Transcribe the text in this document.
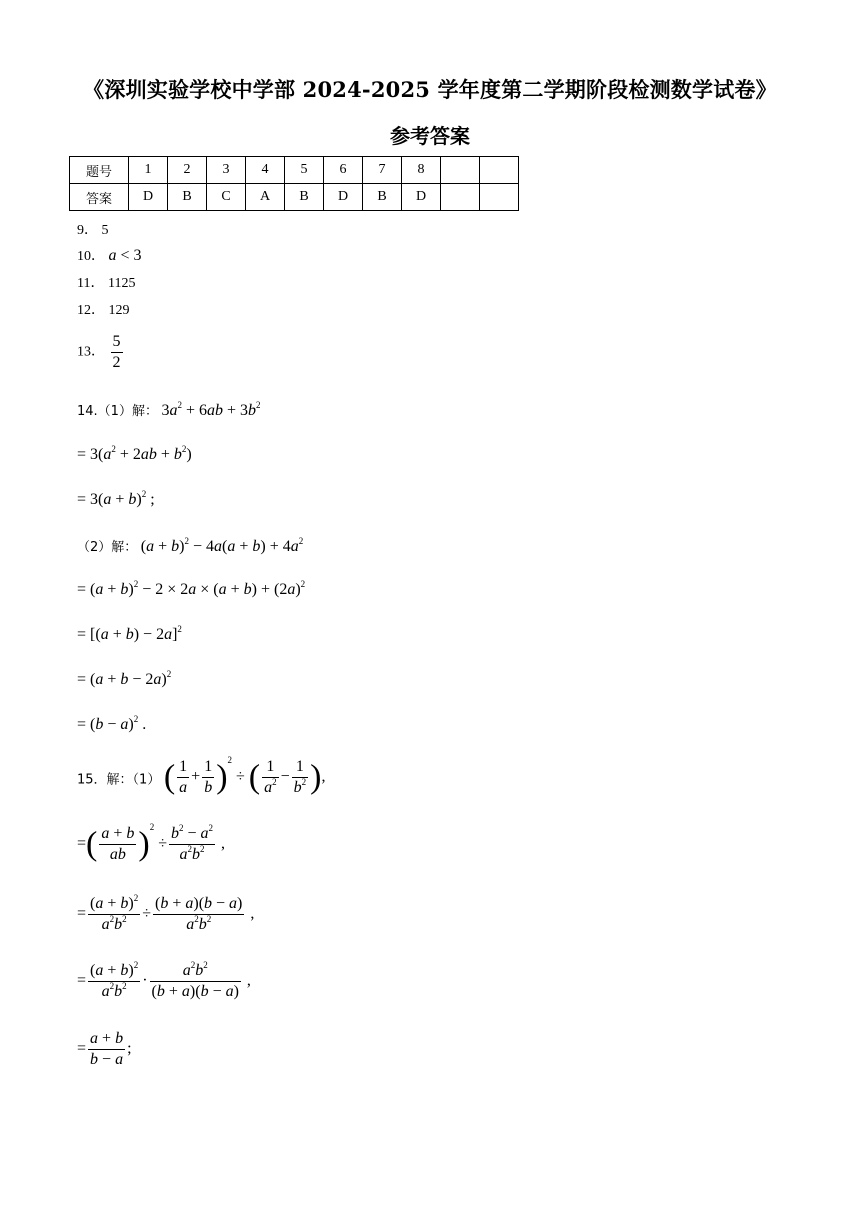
《深圳实验学校中学部 2024-2025 学年度第二学期阶段检测数学试卷》
参考答案
题号	1	2	3	4	5	6	7	8		
答案	D	B	C	A	B	D	B	D		
9． 5
10． a < 3
11． 1125
12． 129
13． $\frac{5}{2}$
14.（1）解： $3a^2 + 6ab + 3b^2$
= $3(a^2 + 2ab + b^2)$
= $3(a + b)^2$ ;
（2）解： $(a + b)^2 - 4a(a + b) + 4a^2$
= $(a + b)^2 - 2 \times 2a \times (a + b) + (2a)^2$
= $[(a + b) - 2a]^2$
= $(a + b - 2a)^2$
= $(b - a)^2$ .
15．解：（1） ( $\frac{1}{a} + \frac{1}{b} )^2$ ÷ ( $\frac{1}{a^2} - \frac{1}{b^2}$ ),
=( $\frac{a + b}{ab} )^2 \div \frac{b^2 - a^2}{a^2b^2}$ ,
= $\frac{(a + b)^2}{a^2b^2} \div \frac{(b + a)(b - a)}{a^2b^2}$ ,
= $\frac{(a + b)^2}{a^2b^2} \cdot \frac{a^2b^2}{(b + a)(b - a)}$ ,
= $\frac{a + b}{b - a}$ ;
